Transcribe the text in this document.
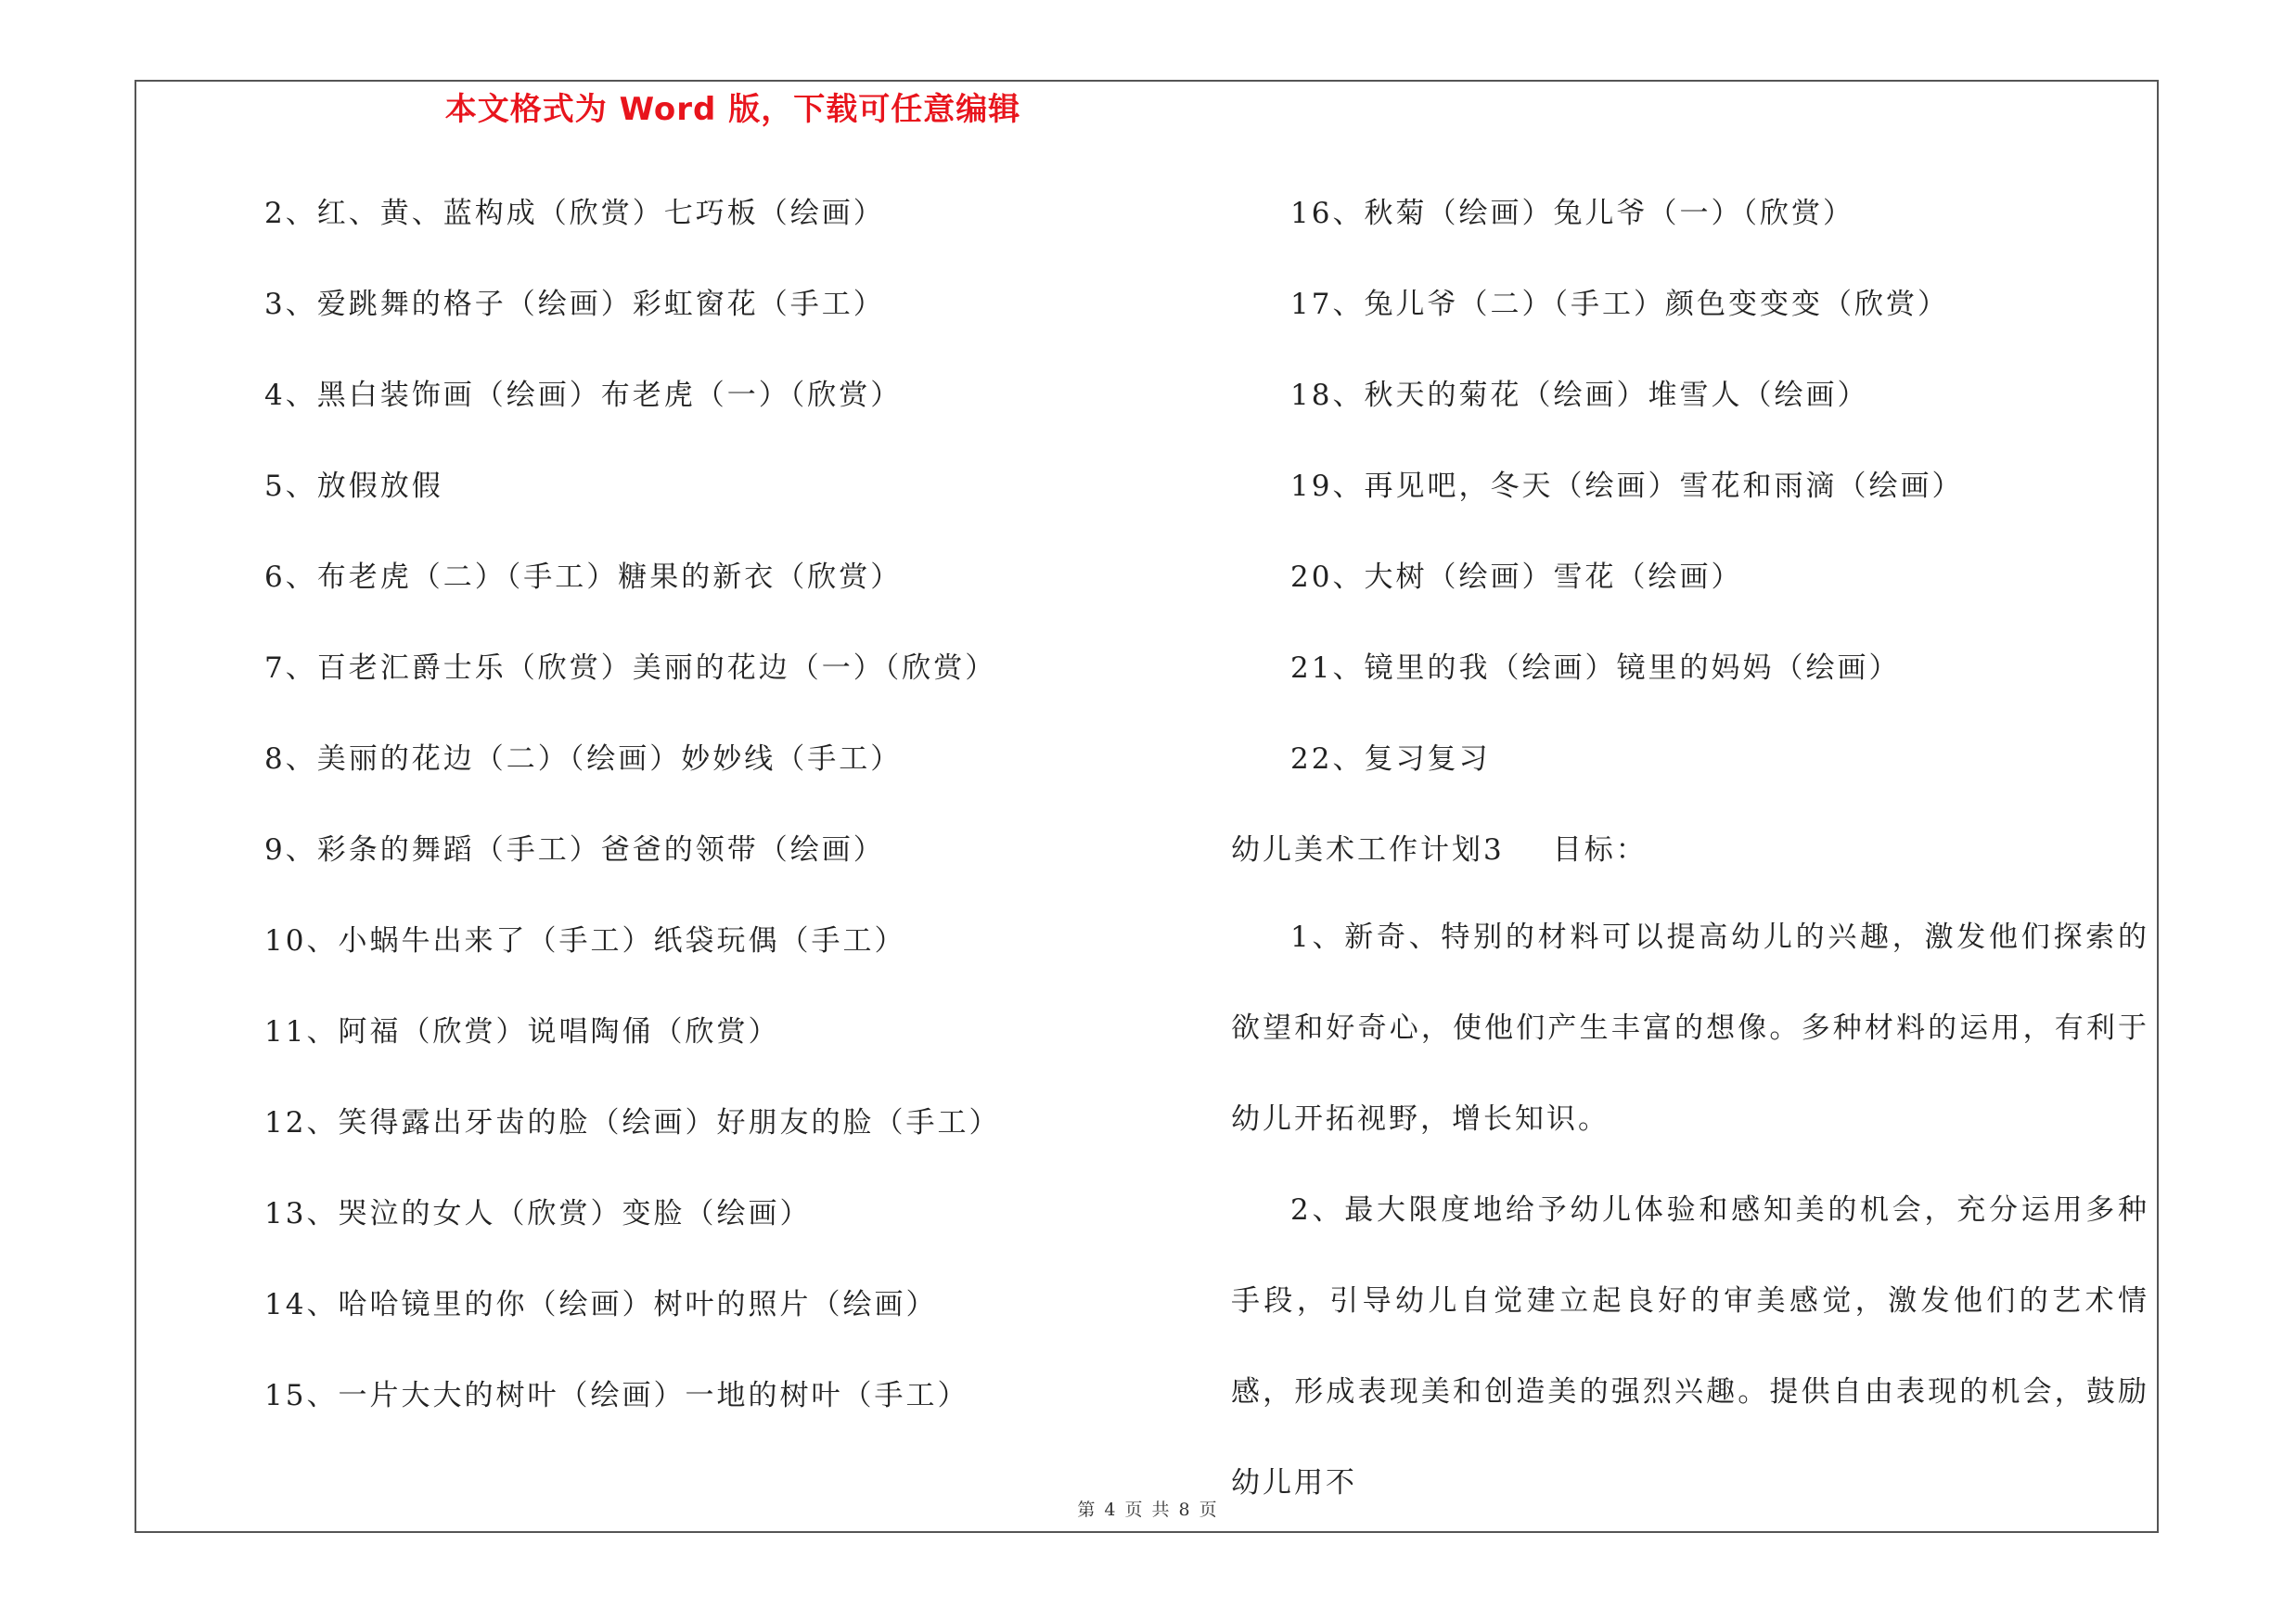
本文格式为 Word 版，下载可任意编辑
2、红、黄、蓝构成（欣赏）七巧板（绘画）
3、爱跳舞的格子（绘画）彩虹窗花（手工）
4、黑白装饰画（绘画）布老虎（一）（欣赏）
5、放假放假
6、布老虎（二）（手工）糖果的新衣（欣赏）
7、百老汇爵士乐（欣赏）美丽的花边（一）（欣赏）
8、美丽的花边（二）（绘画）妙妙线（手工）
9、彩条的舞蹈（手工）爸爸的领带（绘画）
10、小蜗牛出来了（手工）纸袋玩偶（手工）
11、阿福（欣赏）说唱陶俑（欣赏）
12、笑得露出牙齿的脸（绘画）好朋友的脸（手工）
13、哭泣的女人（欣赏）变脸（绘画）
14、哈哈镜里的你（绘画）树叶的照片（绘画）
15、一片大大的树叶（绘画）一地的树叶（手工）
16、秋菊（绘画）兔儿爷（一）（欣赏）
17、兔儿爷（二）（手工）颜色变变变（欣赏）
18、秋天的菊花（绘画）堆雪人（绘画）
19、再见吧，冬天（绘画）雪花和雨滴（绘画）
20、大树（绘画）雪花（绘画）
21、镜里的我（绘画）镜里的妈妈（绘画）
22、复习复习
幼儿美术工作计划3 目标：
1、新奇、特别的材料可以提高幼儿的兴趣，激发他们探索的欲望和好奇心，使他们产生丰富的想像。多种材料的运用，有利于幼儿开拓视野，增长知识。
2、最大限度地给予幼儿体验和感知美的机会，充分运用多种手段，引导幼儿自觉建立起良好的审美感觉，激发他们的艺术情感，形成表现美和创造美的强烈兴趣。提供自由表现的机会，鼓励幼儿用不
第 4 页 共 8 页
